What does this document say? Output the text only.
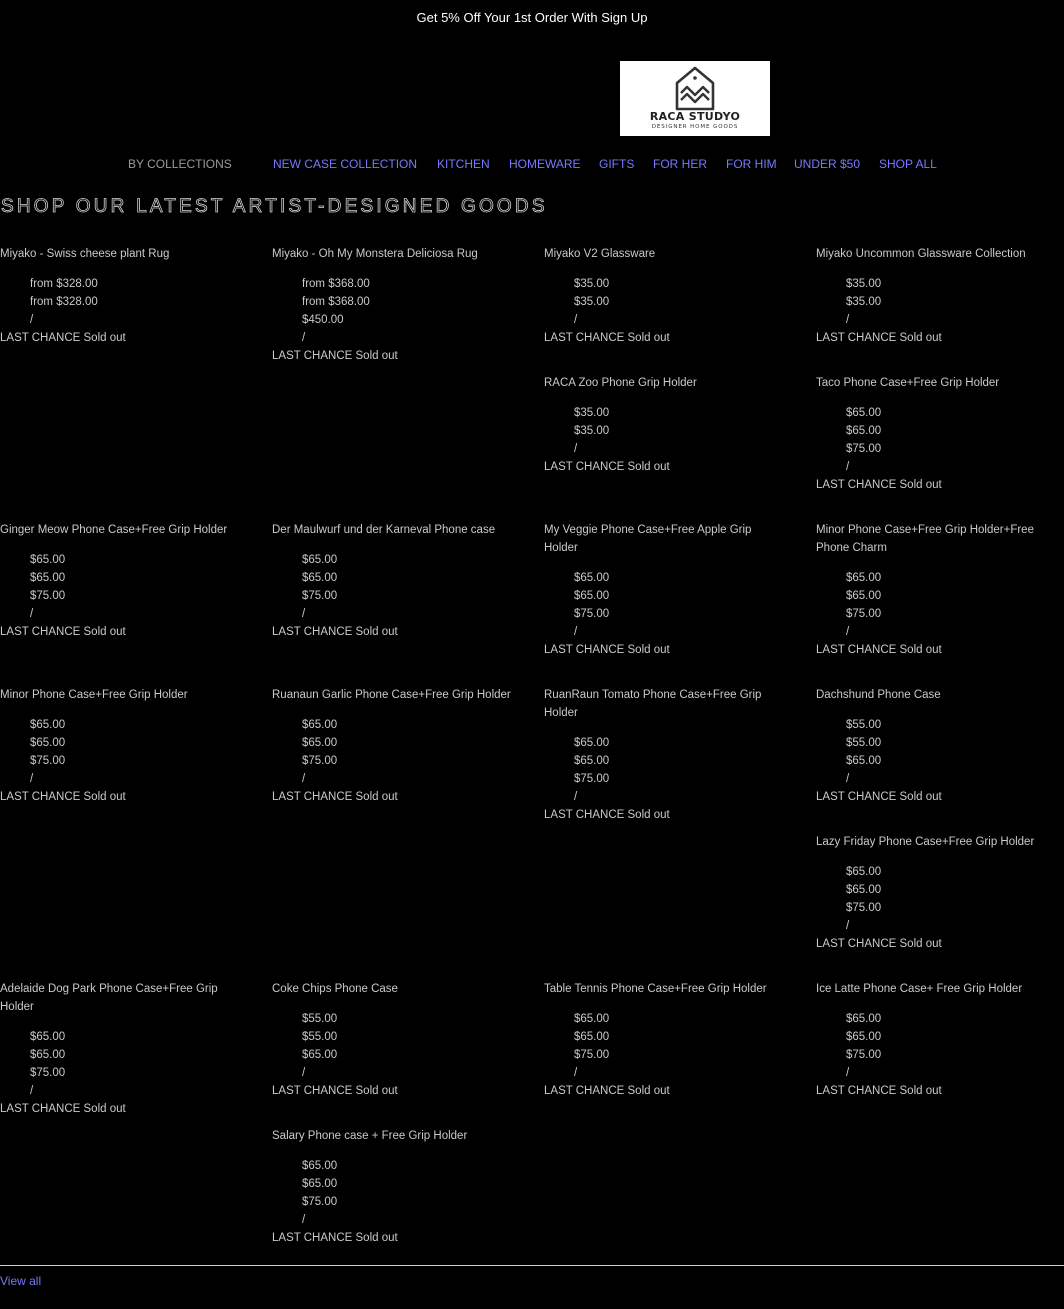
Get 5% Off Your 1st Order With Sign Up
RACA STUDYO
DESIGNER HOME GOODS
BY COLLECTIONS	NEW CASE COLLECTION KITCHEN HOMEWARE GIFTS FOR HER FOR HIM UNDER $50 SHOP ALL
SHOP OUR LATEST ARTIST-DESIGNED GOODS
Miyako - Swiss cheese plant Rug
from $328.00
from $328.00
/
LAST CHANCE Sold out
Miyako - Oh My Monstera Deliciosa Rug
from $368.00
from $368.00
$450.00
/
LAST CHANCE Sold out
Miyako V2 Glassware
$35.00
$35.00
/
LAST CHANCE Sold out
Miyako Uncommon Glassware Collection
$35.00
$35.00
/
LAST CHANCE Sold out
RACA Zoo Phone Grip Holder
$35.00
$35.00
/
LAST CHANCE Sold out
Taco Phone Case+Free Grip Holder
$65.00
$65.00
$75.00
/
LAST CHANCE Sold out
Ginger Meow Phone Case+Free Grip Holder
$65.00
$65.00
$75.00
/
LAST CHANCE Sold out
Der Maulwurf und der Karneval Phone case
$65.00
$65.00
$75.00
/
LAST CHANCE Sold out
My Veggie Phone Case+Free Apple Grip Holder
$65.00
$65.00
$75.00
/
LAST CHANCE Sold out
Minor Phone Case+Free Grip Holder+Free Phone Charm
$65.00
$65.00
$75.00
/
LAST CHANCE Sold out
Minor Phone Case+Free Grip Holder
$65.00
$65.00
$75.00
/
LAST CHANCE Sold out
Ruanaun Garlic Phone Case+Free Grip Holder
$65.00
$65.00
$75.00
/
LAST CHANCE Sold out
RuanRaun Tomato Phone Case+Free Grip Holder
$65.00
$65.00
$75.00
/
LAST CHANCE Sold out
Dachshund Phone Case
$55.00
$55.00
$65.00
/
LAST CHANCE Sold out
Lazy Friday Phone Case+Free Grip Holder
$65.00
$65.00
$75.00
/
LAST CHANCE Sold out
Adelaide Dog Park Phone Case+Free Grip Holder
$65.00
$65.00
$75.00
/
LAST CHANCE Sold out
Coke Chips Phone Case
$55.00
$55.00
$65.00
/
LAST CHANCE Sold out
Table Tennis Phone Case+Free Grip Holder
$65.00
$65.00
$75.00
/
LAST CHANCE Sold out
Ice Latte Phone Case+ Free Grip Holder
$65.00
$65.00
$75.00
/
LAST CHANCE Sold out
Salary Phone case + Free Grip Holder
$65.00
$65.00
$75.00
/
LAST CHANCE Sold out
View all
